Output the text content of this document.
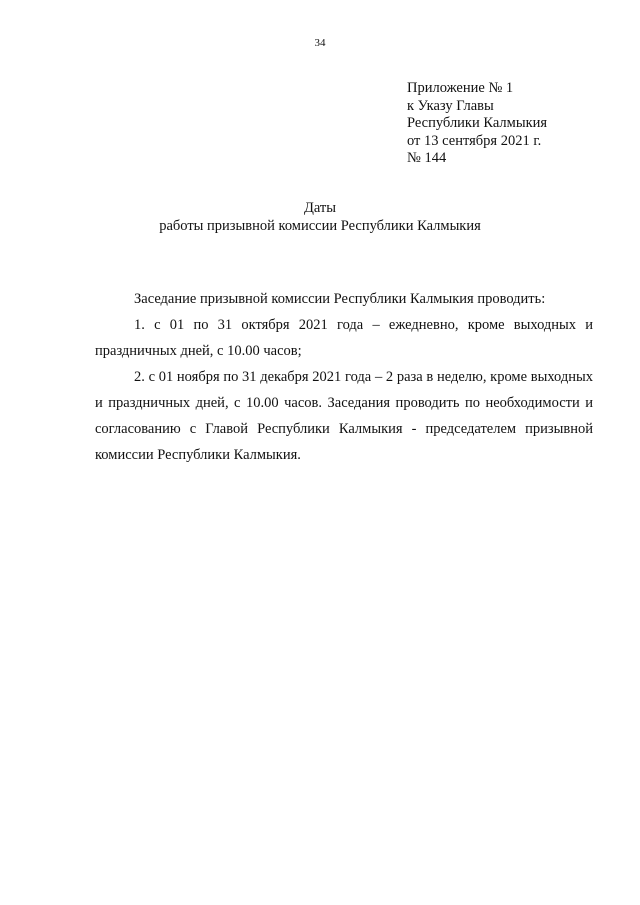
34
Приложение № 1
к Указу Главы
Республики Калмыкия
от 13 сентября 2021 г.
№ 144
Даты
работы призывной комиссии Республики Калмыкия

Заседание призывной комиссии Республики Калмыкия проводить:

1. с 01 по 31 октября 2021 года – ежедневно, кроме выходных и праздничных дней, с 10.00 часов;

2. с 01 ноября по 31 декабря 2021 года – 2 раза в неделю, кроме выходных и праздничных дней, с 10.00 часов. Заседания проводить по необходимости и согласованию с Главой Республики Калмыкия - председателем призывной комиссии Республики Калмыкия.
